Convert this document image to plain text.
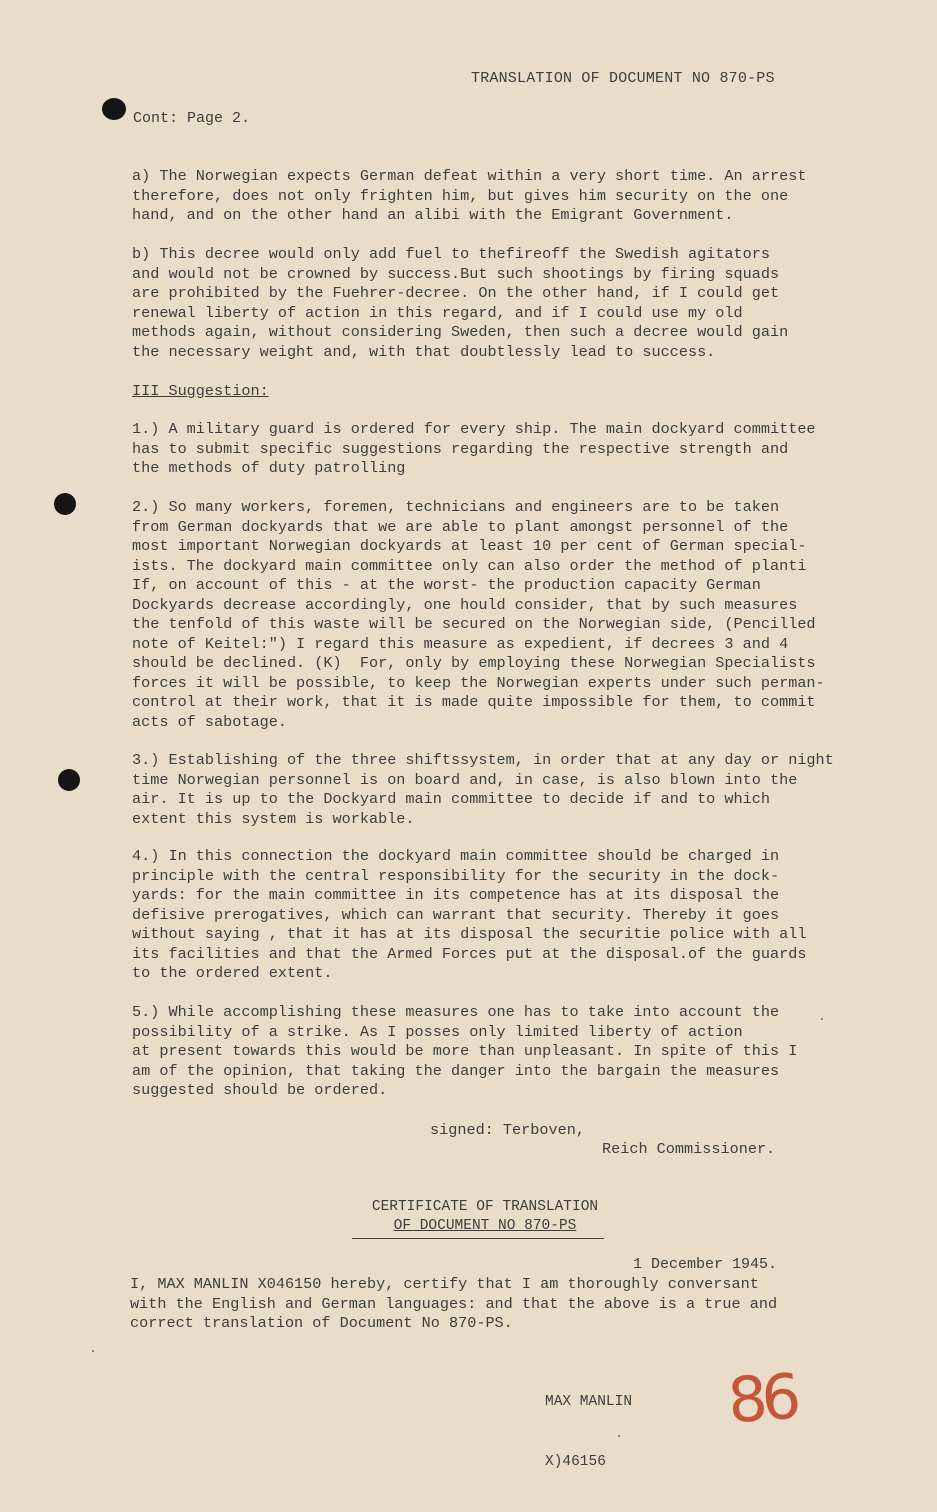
TRANSLATION OF DOCUMENT NO 870-PS
Cont: Page 2.
a) The Norwegian expects German defeat within a very short time. An arrest
therefore, does not only frighten him, but gives him security on the one
hand, and on the other hand an alibi with the Emigrant Government.
b) This decree would only add fuel to thefireoff the Swedish agitators
and would not be crowned by success.But such shootings by firing squads
are prohibited by the Fuehrer-decree. On the other hand, if I could get
renewal liberty of action in this regard, and if I could use my old
methods again, without considering Sweden, then such a decree would gain
the necessary weight and, with that doubtlessly lead to success.
III Suggestion:
1.) A military guard is ordered for every ship. The main dockyard committee
has to submit specific suggestions regarding the respective strength and
the methods of duty patrolling
2.) So many workers, foremen, technicians and engineers are to be taken
from German dockyards that we are able to plant amongst personnel of the
most important Norwegian dockyards at least 10 per cent of German special-
ists. The dockyard main committee only can also order the method of planti
If, on account of this - at the worst- the production capacity German
Dockyards decrease accordingly, one hould consider, that by such measures
the tenfold of this waste will be secured on the Norwegian side, (Pencilled
note of Keitel:") I regard this measure as expedient, if decrees 3 and 4
should be declined. (K)  For, only by employing these Norwegian Specialists
forces it will be possible, to keep the Norwegian experts under such perman-
control at their work, that it is made quite impossible for them, to commit
acts of sabotage.
3.) Establishing of the three shiftssystem, in order that at any day or night
time Norwegian personnel is on board and, in case, is also blown into the
air. It is up to the Dockyard main committee to decide if and to which
extent this system is workable.
4.) In this connection the dockyard main committee should be charged in
principle with the central responsibility for the security in the dock-
yards: for the main committee in its competence has at its disposal the
defisive prerogatives, which can warrant that security. Thereby it goes
without saying , that it has at its disposal the securitie police with all
its facilities and that the Armed Forces put at the disposal.of the guards
to the ordered extent.
5.) While accomplishing these measures one has to take into account the
possibility of a strike. As I posses only limited liberty of action
at present towards this would be more than unpleasant. In spite of this I
am of the opinion, that taking the danger into the bargain the measures
suggested should be ordered.
signed: Terboven,
Reich Commissioner.
CERTIFICATE OF TRANSLATION
OF DOCUMENT NO 870-PS
1 December 1945.
I, MAX MANLIN X046150 hereby, certify that I am thoroughly conversant
with the English and German languages: and that the above is a true and
correct translation of Document No 870-PS.

MAX MANLIN

X)46156

86
